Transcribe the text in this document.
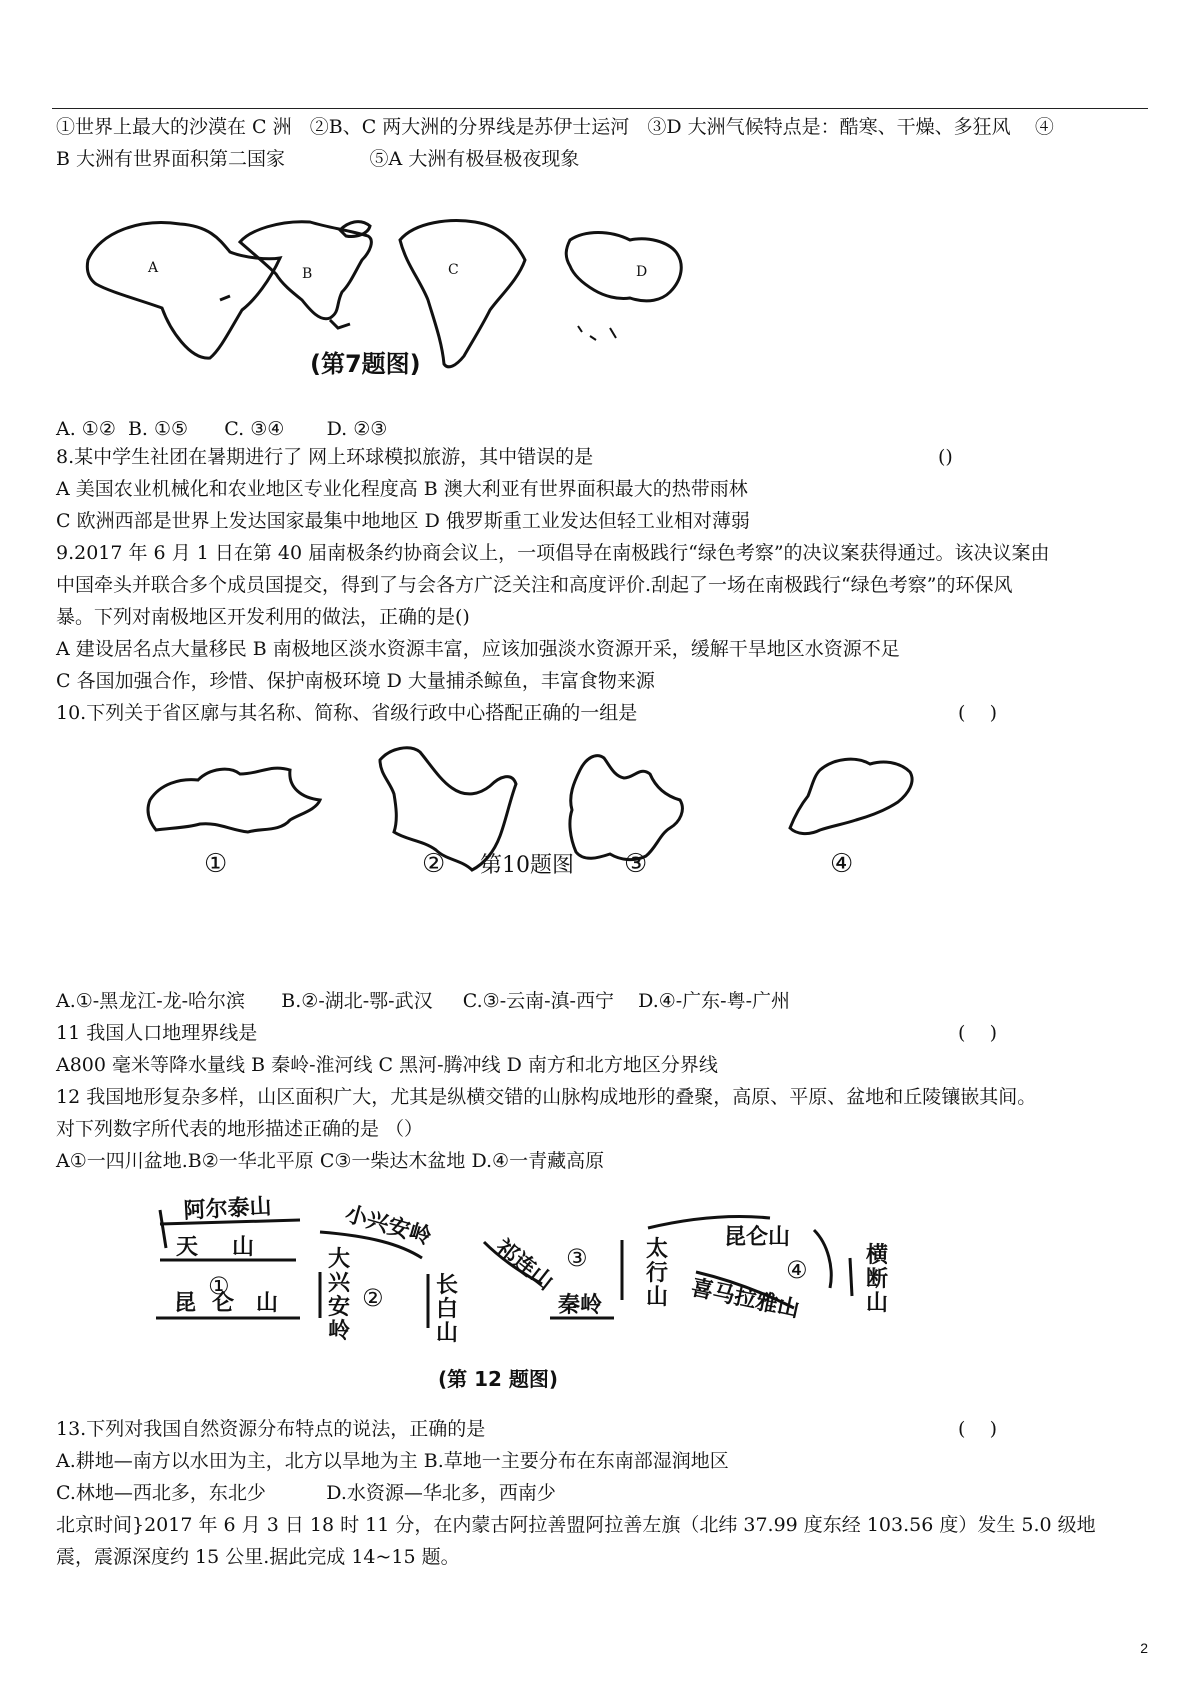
①世界上最大的沙漠在 C 洲   ②B、C 两大洲的分界线是苏伊士运河   ③D 大洲气候特点是：酷寒、干燥、多狂风    ④
B 大洲有世界面积第二国家              ⑤A 大洲有极昼极夜现象
A	B	C	D
(第7题图)
A. ①②  B. ①⑤      C. ③④       D. ②③
8.某中学生社团在暑期进行了 网上环球模拟旅游，其中错误的是	()
A 美国农业机械化和农业地区专业化程度高 B 澳大利亚有世界面积最大的热带雨林
C 欧洲西部是世界上发达国家最集中地地区 D 俄罗斯重工业发达但轻工业相对薄弱
9.2017 年 6 月 1 日在第 40 届南极条约协商会议上，一项倡导在南极践行“绿色考察”的决议案获得通过。该决议案由
中国牵头并联合多个成员国提交，得到了与会各方广泛关注和高度评价.刮起了一场在南极践行“绿色考察”的环保风
暴。下列对南极地区开发利用的做法，正确的是()
A 建设居名点大量移民 B 南极地区淡水资源丰富，应该加强淡水资源开采，缓解干旱地区水资源不足
C 各国加强合作，珍惜、保护南极环境 D 大量捕杀鲸鱼，丰富食物来源
10.下列关于省区廓与其名称、简称、省级行政中心搭配正确的一组是	(    )
①	②	③	④
第10题图
A.①-黑龙江-龙-哈尔滨      B.②-湖北-鄂-武汉     C.③-云南-滇-西宁    D.④-广东-粤-广州
11 我国人口地理界线是	(    )
A800 毫米等降水量线 B 秦岭-淮河线 C 黑河-腾冲线 D 南方和北方地区分界线
12 我国地形复杂多样，山区面积广大，尤其是纵横交错的山脉构成地形的叠聚，高原、平原、盆地和丘陵镶嵌其间。
对下列数字所代表的地形描述正确的是 （）
A①一四川盆地.B②一华北平原 C③一柴达木盆地 D.④一青藏高原
阿尔泰山
天 山
昆 仑 山
小兴安岭
大
兴
安
岭
长
白
山
祁连山
秦岭
太
行
山
昆仑山
喜马拉雅山
横
断
山
①	②
③	④
(第 12 题图)
13.下列对我国自然资源分布特点的说法，正确的是	(    )
A.耕地—南方以水田为主，北方以旱地为主 B.草地一主要分布在东南部湿润地区
C.林地—西北多，东北少          D.水资源—华北多，西南少
北京时间}2017 年 6 月 3 日 18 时 11 分，在内蒙古阿拉善盟阿拉善左旗（北纬 37.99 度东经 103.56 度）发生 5.0 级地
震，震源深度约 15 公里.据此完成 14~15 题。
2
